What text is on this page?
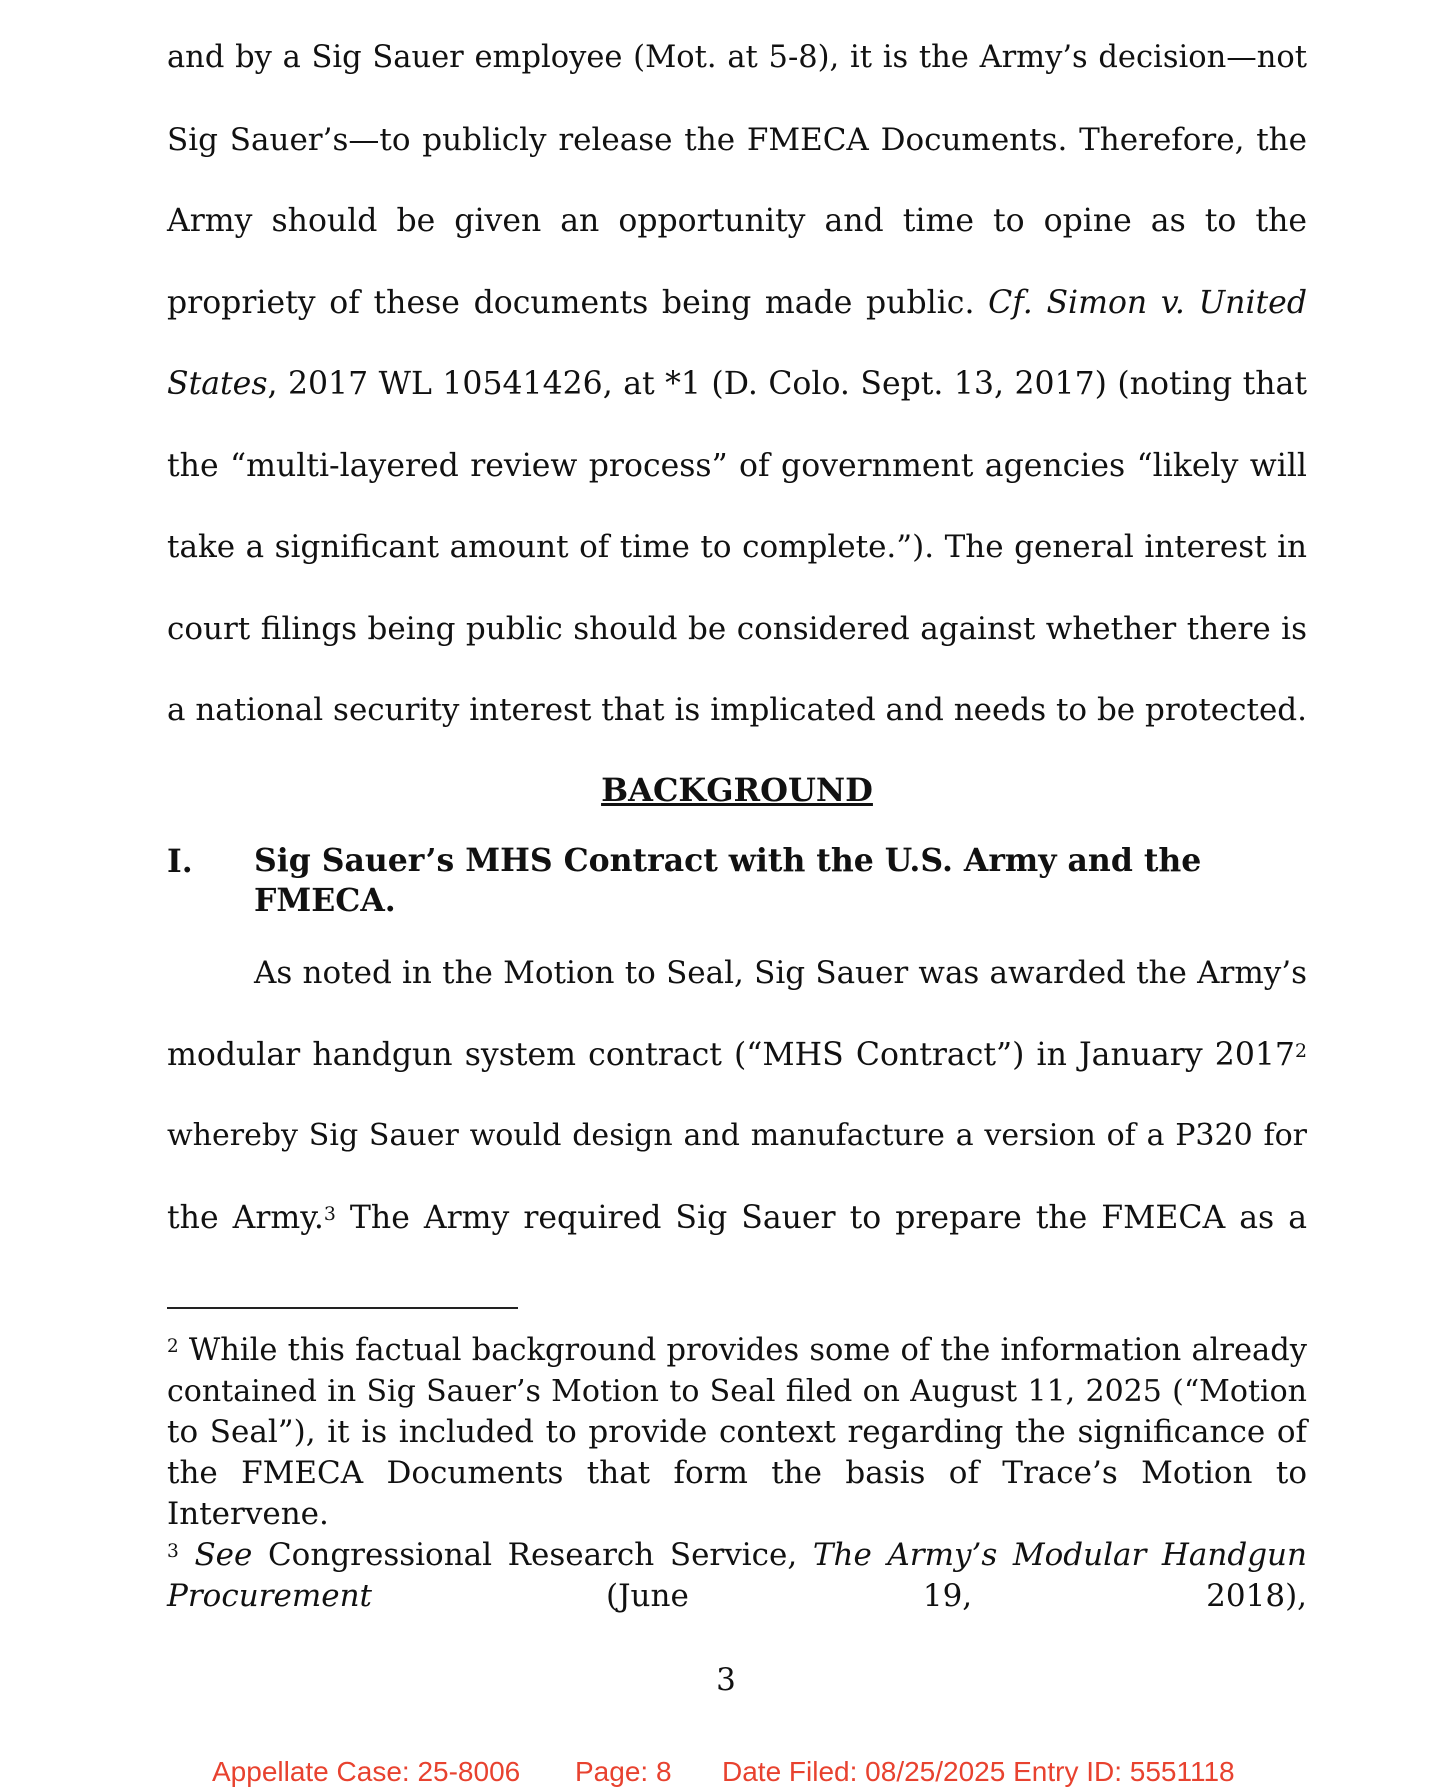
and by a Sig Sauer employee (Mot. at 5-8), it is the Army’s decision—not
Sig Sauer’s—to publicly release the FMECA Documents. Therefore, the
Army should be given an opportunity and time to opine as to the
propriety of these documents being made public. Cf. Simon v. United
States, 2017 WL 10541426, at *1 (D. Colo. Sept. 13, 2017) (noting that
the “multi-layered review process” of government agencies “likely will
take a significant amount of time to complete.”). The general interest in
court filings being public should be considered against whether there is
a national security interest that is implicated and needs to be protected.
BACKGROUND
I. Sig Sauer’s MHS Contract with the U.S. Army and the
FMECA.
As noted in the Motion to Seal, Sig Sauer was awarded the Army’s
modular handgun system contract (“MHS Contract”) in January 2017$^2$
whereby Sig Sauer would design and manufacture a version of a P320 for
the Army.$^3$ The Army required Sig Sauer to prepare the FMECA as a
$^2$ While this factual background provides some of the information already
contained in Sig Sauer’s Motion to Seal filed on August 11, 2025 (“Motion
to Seal”), it is included to provide context regarding the significance of
the FMECA Documents that form the basis of Trace’s Motion to
Intervene.
$^3$ See Congressional Research Service, The Army’s Modular Handgun
Procurement	(June	19,	2018),
3
Appellate Case: 25-8006 Page: 8 Date Filed: 08/25/2025 Entry ID: 5551118
